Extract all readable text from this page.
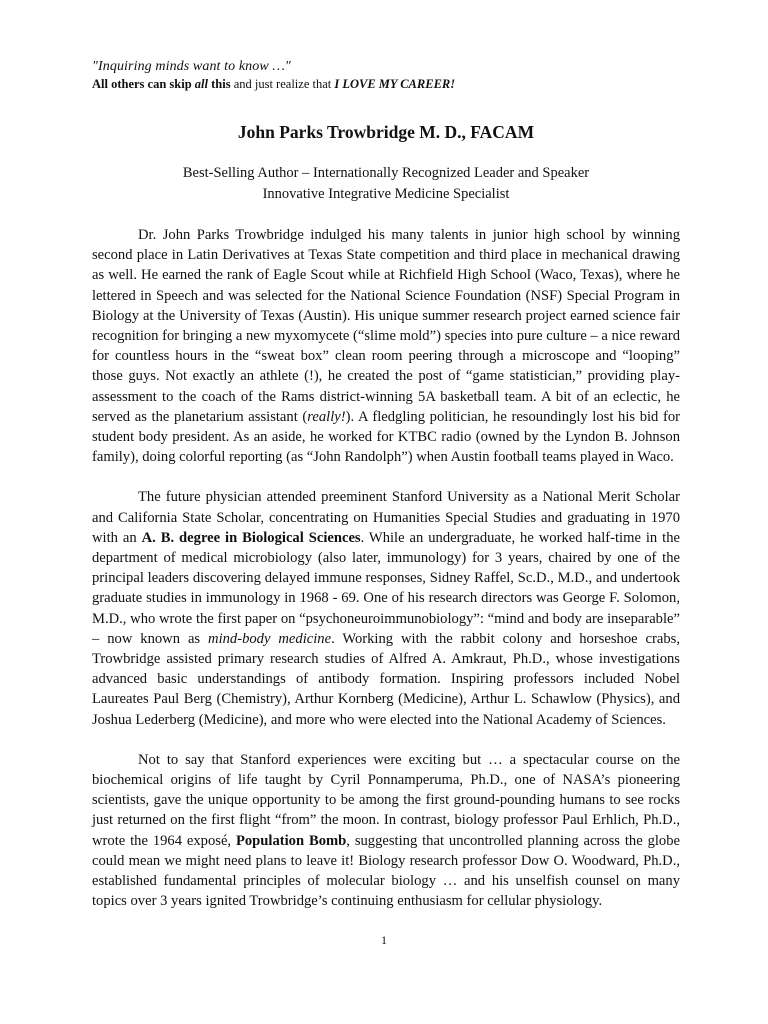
"Inquiring minds want to know …"

All others can skip all this and just realize that I LOVE MY CAREER!

John Parks Trowbridge M. D., FACAM

Best-Selling Author – Internationally Recognized Leader and Speaker

Innovative Integrative Medicine Specialist

Dr. John Parks Trowbridge indulged his many talents in junior high school by winning second place in Latin Derivatives at Texas State competition and third place in mechanical drawing as well. He earned the rank of Eagle Scout while at Richfield High School (Waco, Texas), where he lettered in Speech and was selected for the National Science Foundation (NSF) Special Program in Biology at the University of Texas (Austin). His unique summer research project earned science fair recognition for bringing a new myxomycete (“slime mold”) species into pure culture – a nice reward for countless hours in the “sweat box” clean room peering through a microscope and “looping” those guys. Not exactly an athlete (!), he created the post of “game statistician,” providing play-assessment to the coach of the Rams district-winning 5A basketball team. A bit of an eclectic, he served as the planetarium assistant (really!). A fledgling politician, he resoundingly lost his bid for student body president. As an aside, he worked for KTBC radio (owned by the Lyndon B. Johnson family), doing colorful reporting (as “John Randolph”) when Austin football teams played in Waco.

The future physician attended preeminent Stanford University as a National Merit Scholar and California State Scholar, concentrating on Humanities Special Studies and graduating in 1970 with an A. B. degree in Biological Sciences. While an undergraduate, he worked half-time in the department of medical microbiology (also later, immunology) for 3 years, chaired by one of the principal leaders discovering delayed immune responses, Sidney Raffel, Sc.D., M.D., and undertook graduate studies in immunology in 1968 - 69. One of his research directors was George F. Solomon, M.D., who wrote the first paper on “psychoneuroimmunobiology”: “mind and body are inseparable” – now known as mind-body medicine. Working with the rabbit colony and horseshoe crabs, Trowbridge assisted primary research studies of Alfred A. Amkraut, Ph.D., whose investigations advanced basic understandings of antibody formation. Inspiring professors included Nobel Laureates Paul Berg (Chemistry), Arthur Kornberg (Medicine), Arthur L. Schawlow (Physics), and Joshua Lederberg (Medicine), and more who were elected into the National Academy of Sciences.

Not to say that Stanford experiences were exciting but … a spectacular course on the biochemical origins of life taught by Cyril Ponnamperuma, Ph.D., one of NASA’s pioneering scientists, gave the unique opportunity to be among the first ground-pounding humans to see rocks just returned on the first flight “from” the moon. In contrast, biology professor Paul Erhlich, Ph.D., wrote the 1964 exposé, Population Bomb, suggesting that uncontrolled planning across the globe could mean we might need plans to leave it! Biology research professor Dow O. Woodward, Ph.D., established fundamental principles of molecular biology … and his unselfish counsel on many topics over 3 years ignited Trowbridge’s continuing enthusiasm for cellular physiology.

1
